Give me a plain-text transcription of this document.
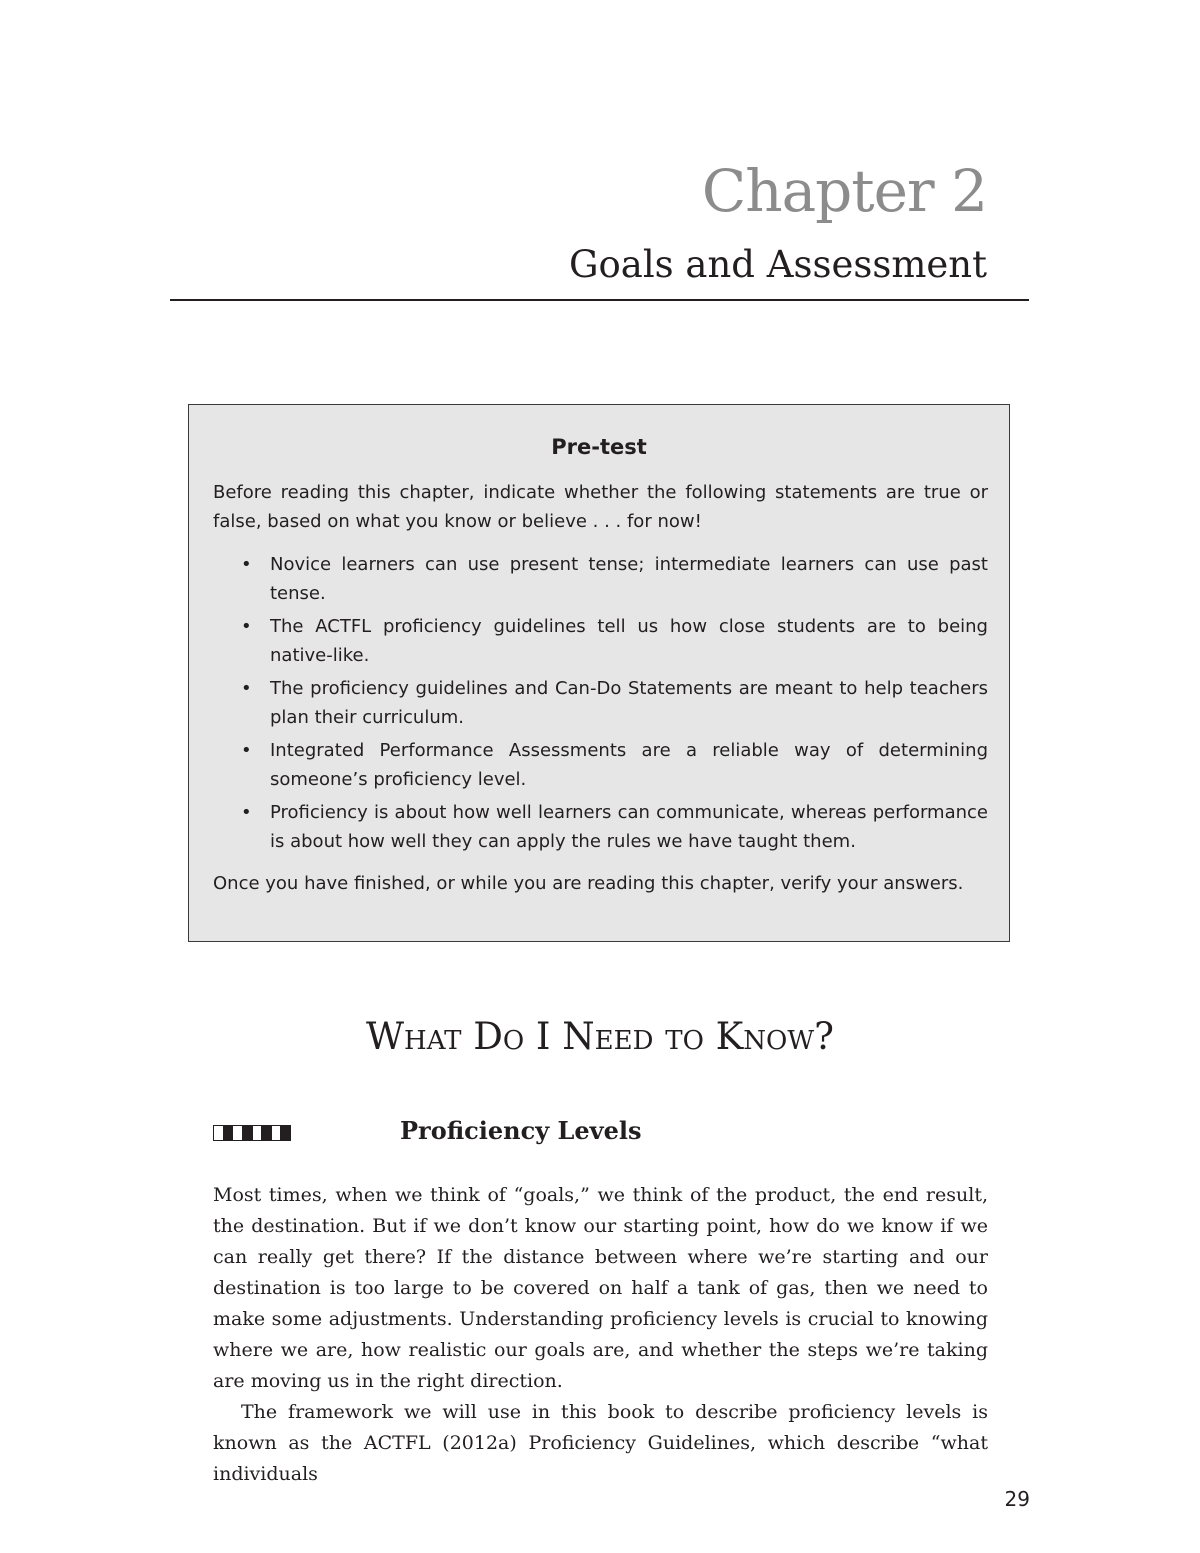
Chapter 2
Goals and Assessment
Pre-test

Before reading this chapter, indicate whether the following statements are true or false, based on what you know or believe . . . for now!

• Novice learners can use present tense; intermediate learners can use past tense.
• The ACTFL proficiency guidelines tell us how close students are to being native-like.
• The proficiency guidelines and Can-Do Statements are meant to help teachers plan their curriculum.
• Integrated Performance Assessments are a reliable way of determining someone’s proficiency level.
• Proficiency is about how well learners can communicate, whereas performance is about how well they can apply the rules we have taught them.

Once you have finished, or while you are reading this chapter, verify your answers.

What Do I Need to Know?
Proficiency Levels

Most times, when we think of “goals,” we think of the product, the end result, the destination. But if we don’t know our starting point, how do we know if we can really get there? If the distance between where we’re starting and our destination is too large to be covered on half a tank of gas, then we need to make some adjustments. Understanding proficiency levels is crucial to knowing where we are, how realistic our goals are, and whether the steps we’re taking are moving us in the right direction.

The framework we will use in this book to describe proficiency levels is known as the ACTFL (2012a) Proficiency Guidelines, which describe “what individuals

29
